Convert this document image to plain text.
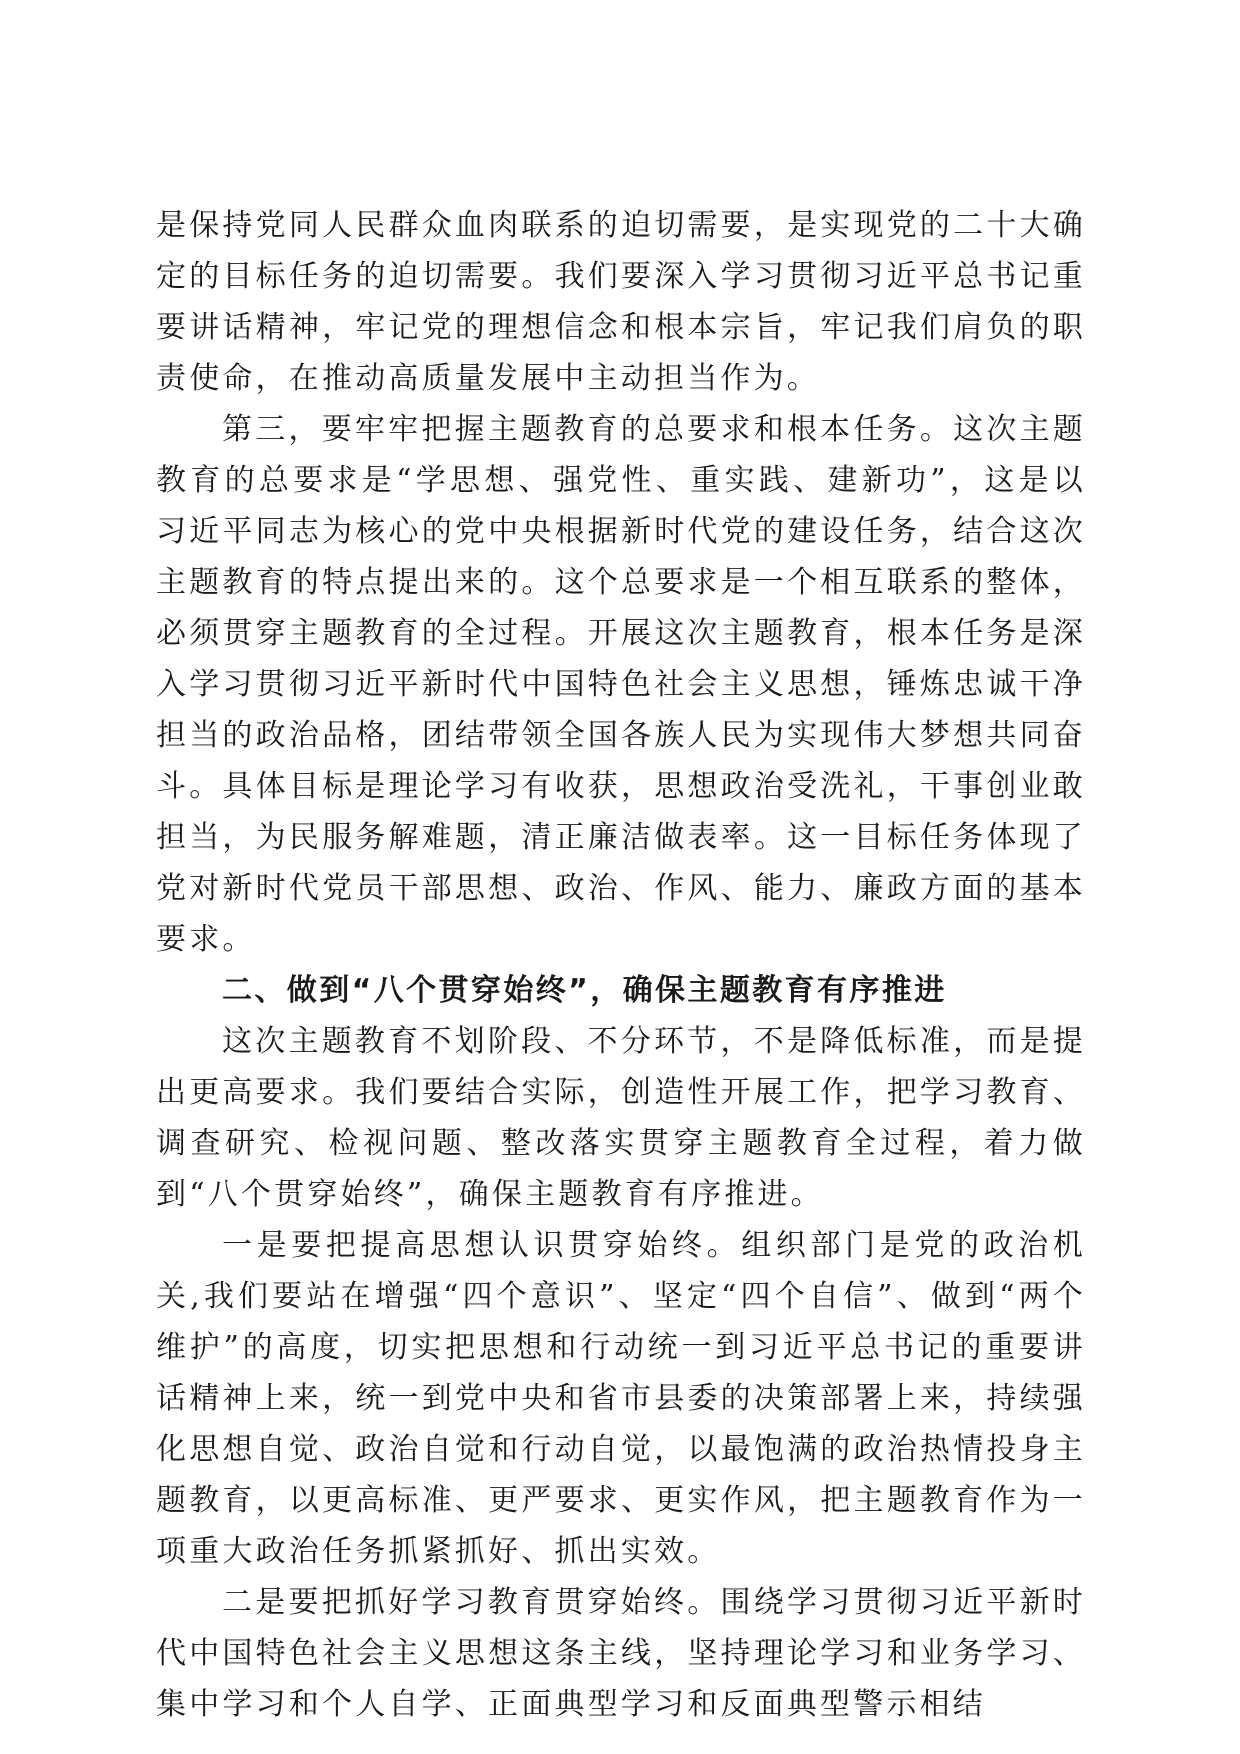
是保持党同人民群众血肉联系的迫切需要，是实现党的二十大确定的目标任务的迫切需要。我们要深入学习贯彻习近平总书记重要讲话精神，牢记党的理想信念和根本宗旨，牢记我们肩负的职责使命，在推动高质量发展中主动担当作为。

第三，要牢牢把握主题教育的总要求和根本任务。这次主题教育的总要求是“学思想、强党性、重实践、建新功”，这是以习近平同志为核心的党中央根据新时代党的建设任务，结合这次主题教育的特点提出来的。这个总要求是一个相互联系的整体，必须贯穿主题教育的全过程。开展这次主题教育，根本任务是深入学习贯彻习近平新时代中国特色社会主义思想，锤炼忠诚干净担当的政治品格，团结带领全国各族人民为实现伟大梦想共同奋斗。具体目标是理论学习有收获，思想政治受洗礼，干事创业敢担当，为民服务解难题，清正廉洁做表率。这一目标任务体现了党对新时代党员干部思想、政治、作风、能力、廉政方面的基本要求。

二、做到“八个贯穿始终”，确保主题教育有序推进

这次主题教育不划阶段、不分环节，不是降低标准，而是提出更高要求。我们要结合实际，创造性开展工作，把学习教育、调查研究、检视问题、整改落实贯穿主题教育全过程，着力做到“八个贯穿始终”，确保主题教育有序推进。

一是要把提高思想认识贯穿始终。组织部门是党的政治机关,我们要站在增强“四个意识”、坚定“四个自信”、做到“两个维护”的高度，切实把思想和行动统一到习近平总书记的重要讲话精神上来，统一到党中央和省市县委的决策部署上来，持续强化思想自觉、政治自觉和行动自觉，以最饱满的政治热情投身主题教育，以更高标准、更严要求、更实作风，把主题教育作为一项重大政治任务抓紧抓好、抓出实效。

二是要把抓好学习教育贯穿始终。围绕学习贯彻习近平新时代中国特色社会主义思想这条主线，坚持理论学习和业务学习、集中学习和个人自学、正面典型学习和反面典型警示相结
